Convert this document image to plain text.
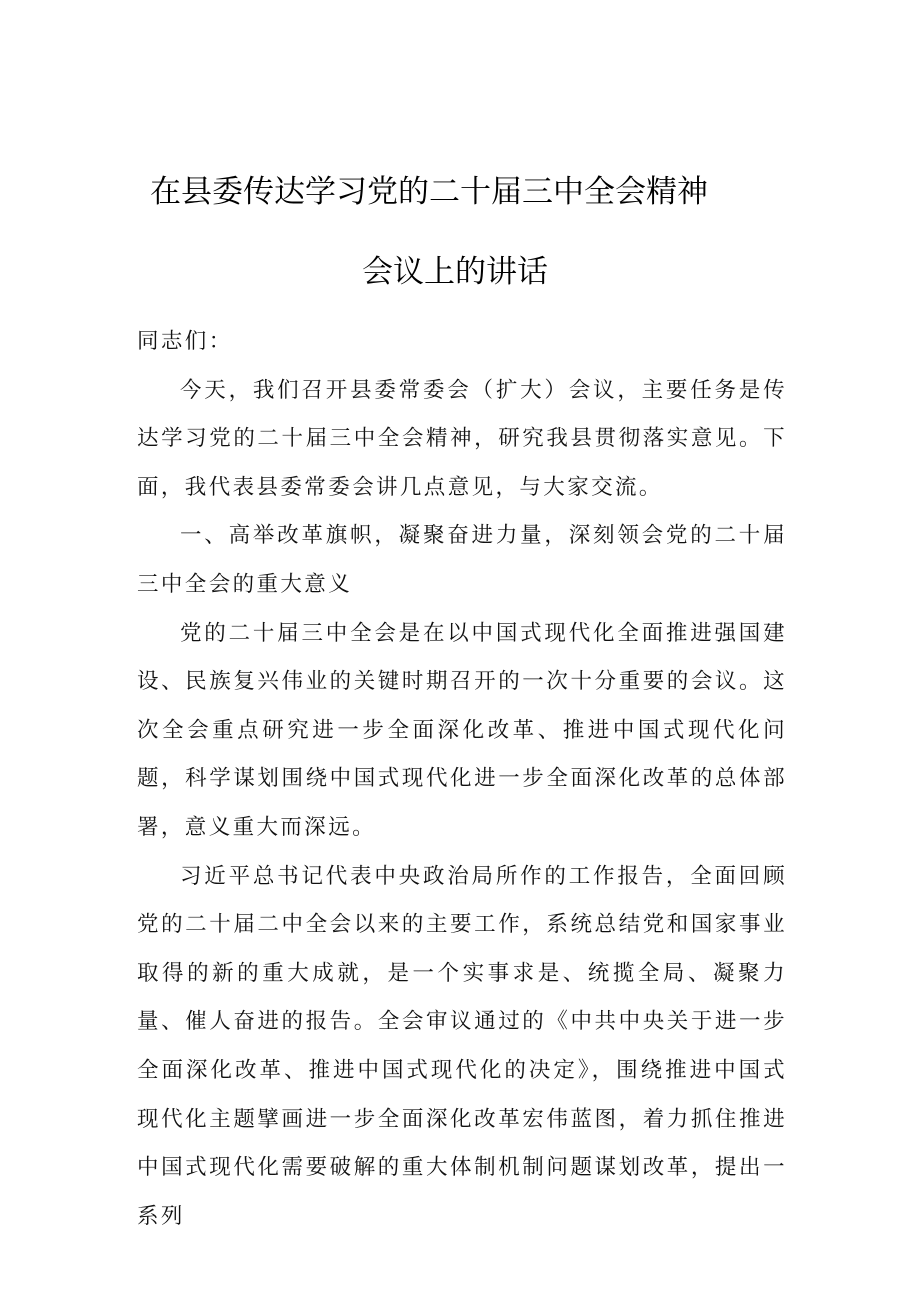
在县委传达学习党的二十届三中全会精神
会议上的讲话

同志们：

今天，我们召开县委常委会（扩大）会议，主要任务是传达学习党的二十届三中全会精神，研究我县贯彻落实意见。下面，我代表县委常委会讲几点意见，与大家交流。

一、高举改革旗帜，凝聚奋进力量，深刻领会党的二十届三中全会的重大意义

党的二十届三中全会是在以中国式现代化全面推进强国建设、民族复兴伟业的关键时期召开的一次十分重要的会议。这次全会重点研究进一步全面深化改革、推进中国式现代化问题，科学谋划围绕中国式现代化进一步全面深化改革的总体部署，意义重大而深远。

习近平总书记代表中央政治局所作的工作报告，全面回顾党的二十届二中全会以来的主要工作，系统总结党和国家事业取得的新的重大成就，是一个实事求是、统揽全局、凝聚力量、催人奋进的报告。全会审议通过的《中共中央关于进一步全面深化改革、推进中国式现代化的决定》，围绕推进中国式现代化主题擘画进一步全面深化改革宏伟蓝图，着力抓住推进中国式现代化需要破解的重大体制机制问题谋划改革，提出一系列
